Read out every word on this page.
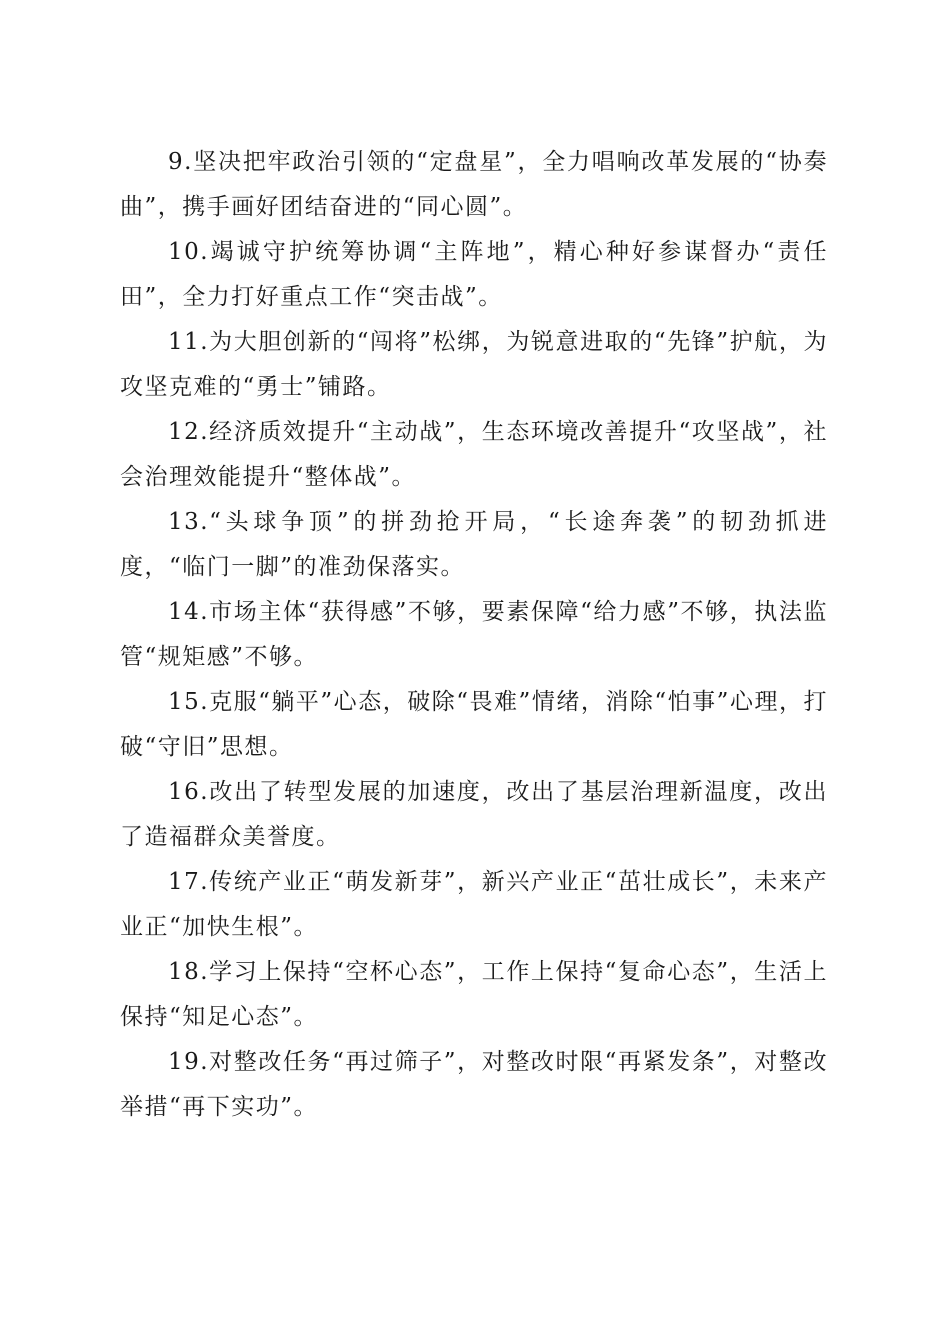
9.坚决把牢政治引领的“定盘星”，全力唱响改革发展的“协奏曲”，携手画好团结奋进的“同心圆”。

10.竭诚守护统筹协调“主阵地”，精心种好参谋督办“责任田”，全力打好重点工作“突击战”。

11.为大胆创新的“闯将”松绑，为锐意进取的“先锋”护航，为攻坚克难的“勇士”铺路。

12.经济质效提升“主动战”，生态环境改善提升“攻坚战”，社会治理效能提升“整体战”。

13.“头球争顶”的拼劲抢开局，“长途奔袭”的韧劲抓进度，“临门一脚”的准劲保落实。

14.市场主体“获得感”不够，要素保障“给力感”不够，执法监管“规矩感”不够。

15.克服“躺平”心态，破除“畏难”情绪，消除“怕事”心理，打破“守旧”思想。

16.改出了转型发展的加速度，改出了基层治理新温度，改出了造福群众美誉度。

17.传统产业正“萌发新芽”，新兴产业正“茁壮成长”，未来产业正“加快生根”。

18.学习上保持“空杯心态”，工作上保持“复命心态”，生活上保持“知足心态”。

19.对整改任务“再过筛子”，对整改时限“再紧发条”，对整改举措“再下实功”。
